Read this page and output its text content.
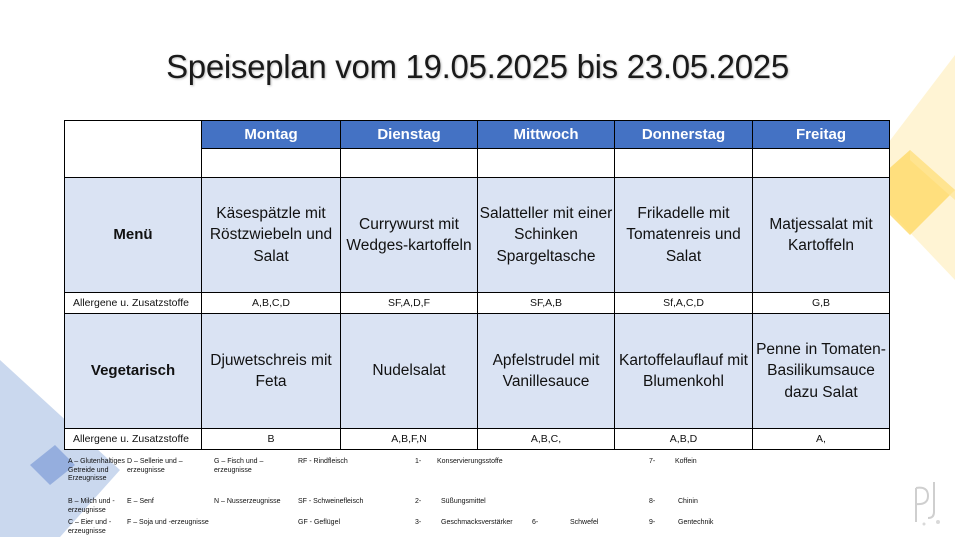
Speiseplan vom 19.05.2025 bis 23.05.2025
	Montag	Dienstag	Mittwoch	Donnerstag	Freitag

Menü	Käsespätzle mit Röstzwiebeln und Salat	Currywurst mit Wedges-kartoffeln	Salatteller mit einer Schinken Spargeltasche	Frikadelle mit Tomatenreis und Salat	Matjessalat mit Kartoffeln
Allergene u. Zusatzstoffe	A,B,C,D	SF,A,D,F	SF,A,B	Sf,A,C,D	G,B
Vegetarisch	Djuwetschreis mit Feta	Nudelsalat	Apfelstrudel mit Vanillesauce	Kartoffelauflauf mit Blumenkohl	Penne in Tomaten-Basilikumsauce dazu Salat
Allergene u. Zusatzstoffe	B	A,B,F,N	A,B,C,	A,B,D	A,
A – Glutenhaltiges Getreide und Erzeugnisse
B – Milch und -erzeugnisse
C – Eier und -erzeugnisse
D – Sellerie und –erzeugnisse
E – Senf
F – Soja und -erzeugnisse
G – Fisch und –erzeugnisse
N – Nusserzeugnisse
RF - Rindfleisch
SF - Schweinefleisch
GF - Geflügel
1- Konservierungsstoffe
2-	Süßungsmittel
3-	Geschmacksverstärker	6-	Schwefel
7-	Koffein
8-	Chinin
9-	Gentechnik
